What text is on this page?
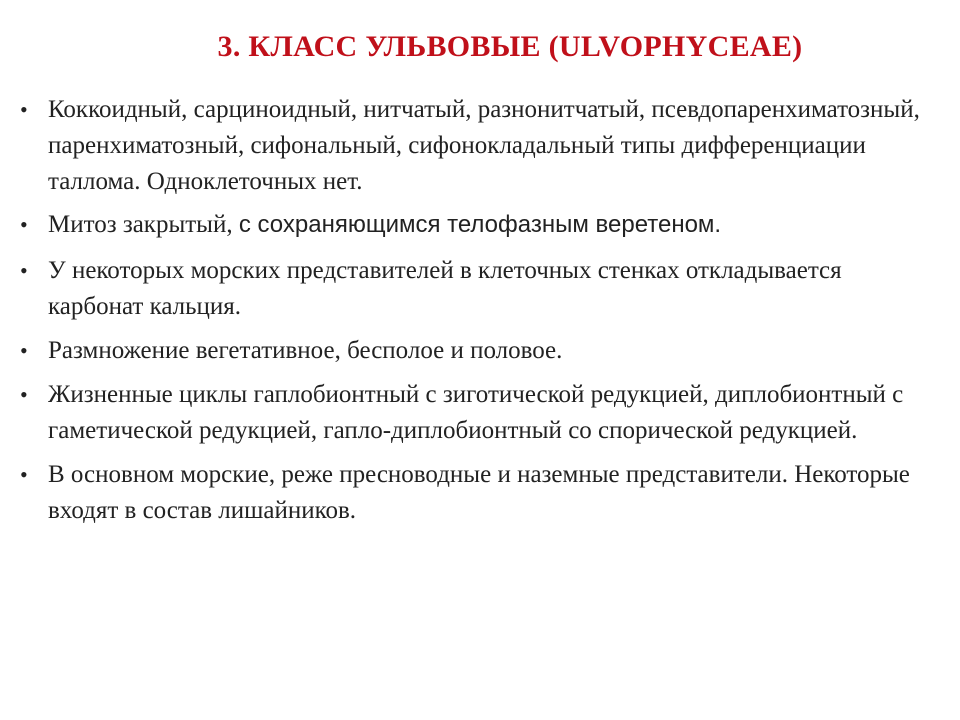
3. КЛАСС УЛЬВОВЫЕ (ULVOPHYCEAE)
• Коккоидный, сарциноидный, нитчатый, разнонитчатый, псевдопаренхиматозный, паренхиматозный, сифональный, сифонокладальный типы дифференциации таллома. Одноклеточных нет.
• Митоз закрытый, с сохраняющимся телофазным веретеном.
• У некоторых морских представителей в клеточных стенках откладывается карбонат кальция.
• Размножение вегетативное, бесполое и половое.
• Жизненные циклы гаплобионтный с зиготической редукцией, диплобионтный с гаметической редукцией, гапло-диплобионтный со спорической редукцией.
• В основном морские, реже пресноводные и наземные представители. Некоторые входят в состав лишайников.
